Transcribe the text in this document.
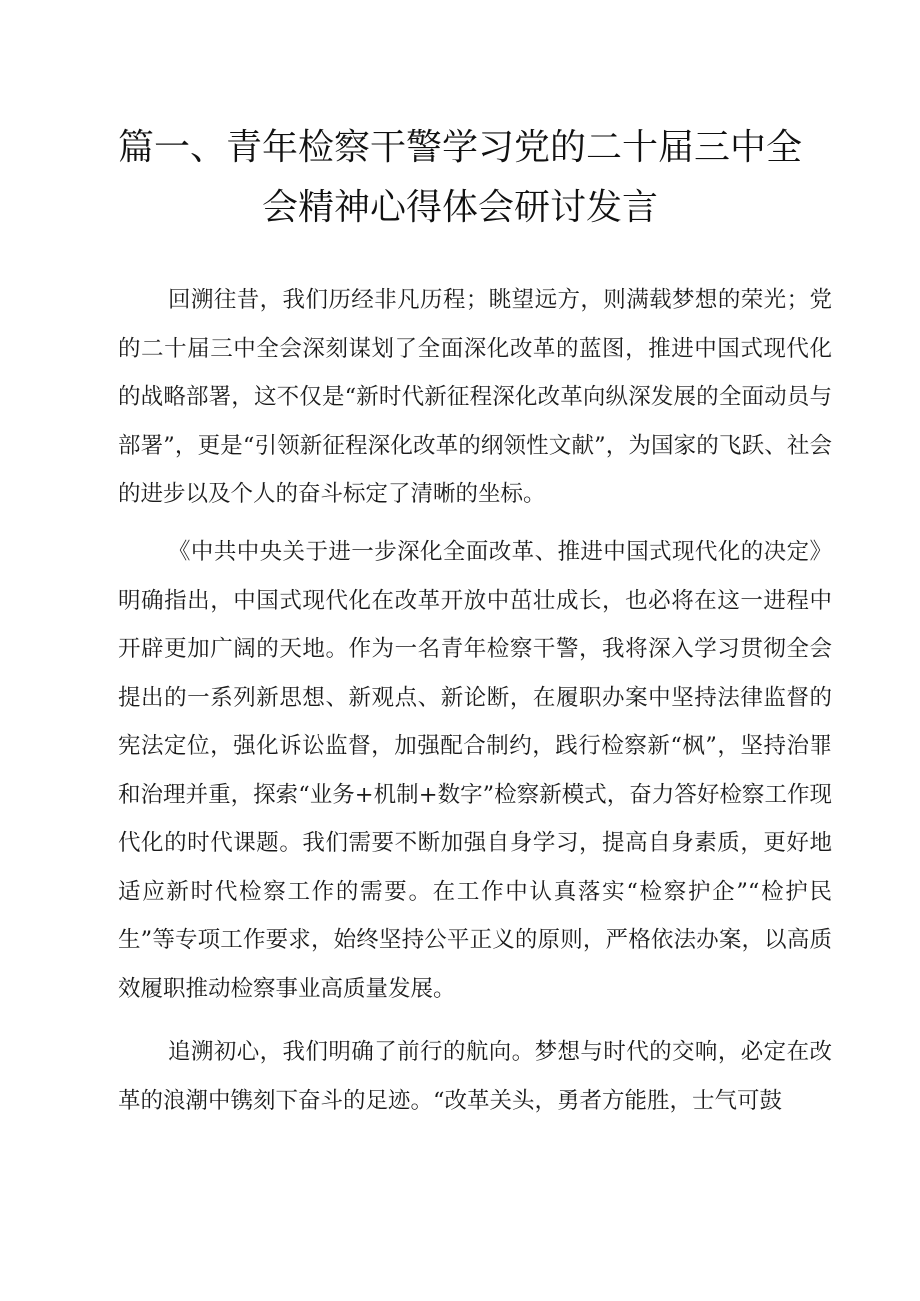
篇一、青年检察干警学习党的二十届三中全
会精神心得体会研讨发言

回溯往昔，我们历经非凡历程；眺望远方，则满载梦想的荣光；党的二十届三中全会深刻谋划了全面深化改革的蓝图，推进中国式现代化的战略部署，这不仅是“新时代新征程深化改革向纵深发展的全面动员与部署”，更是“引领新征程深化改革的纲领性文献”，为国家的飞跃、社会的进步以及个人的奋斗标定了清晰的坐标。

《中共中央关于进一步深化全面改革、推进中国式现代化的决定》明确指出，中国式现代化在改革开放中茁壮成长，也必将在这一进程中开辟更加广阔的天地。作为一名青年检察干警，我将深入学习贯彻全会提出的一系列新思想、新观点、新论断，在履职办案中坚持法律监督的宪法定位，强化诉讼监督，加强配合制约，践行检察新“枫”，坚持治罪和治理并重，探索“业务+机制+数字”检察新模式，奋力答好检察工作现代化的时代课题。我们需要不断加强自身学习，提高自身素质，更好地适应新时代检察工作的需要。在工作中认真落实“检察护企”“检护民生”等专项工作要求，始终坚持公平正义的原则，严格依法办案，以高质效履职推动检察事业高质量发展。

追溯初心，我们明确了前行的航向。梦想与时代的交响，必定在改革的浪潮中镌刻下奋斗的足迹。“改革关头，勇者方能胜，士气可鼓
